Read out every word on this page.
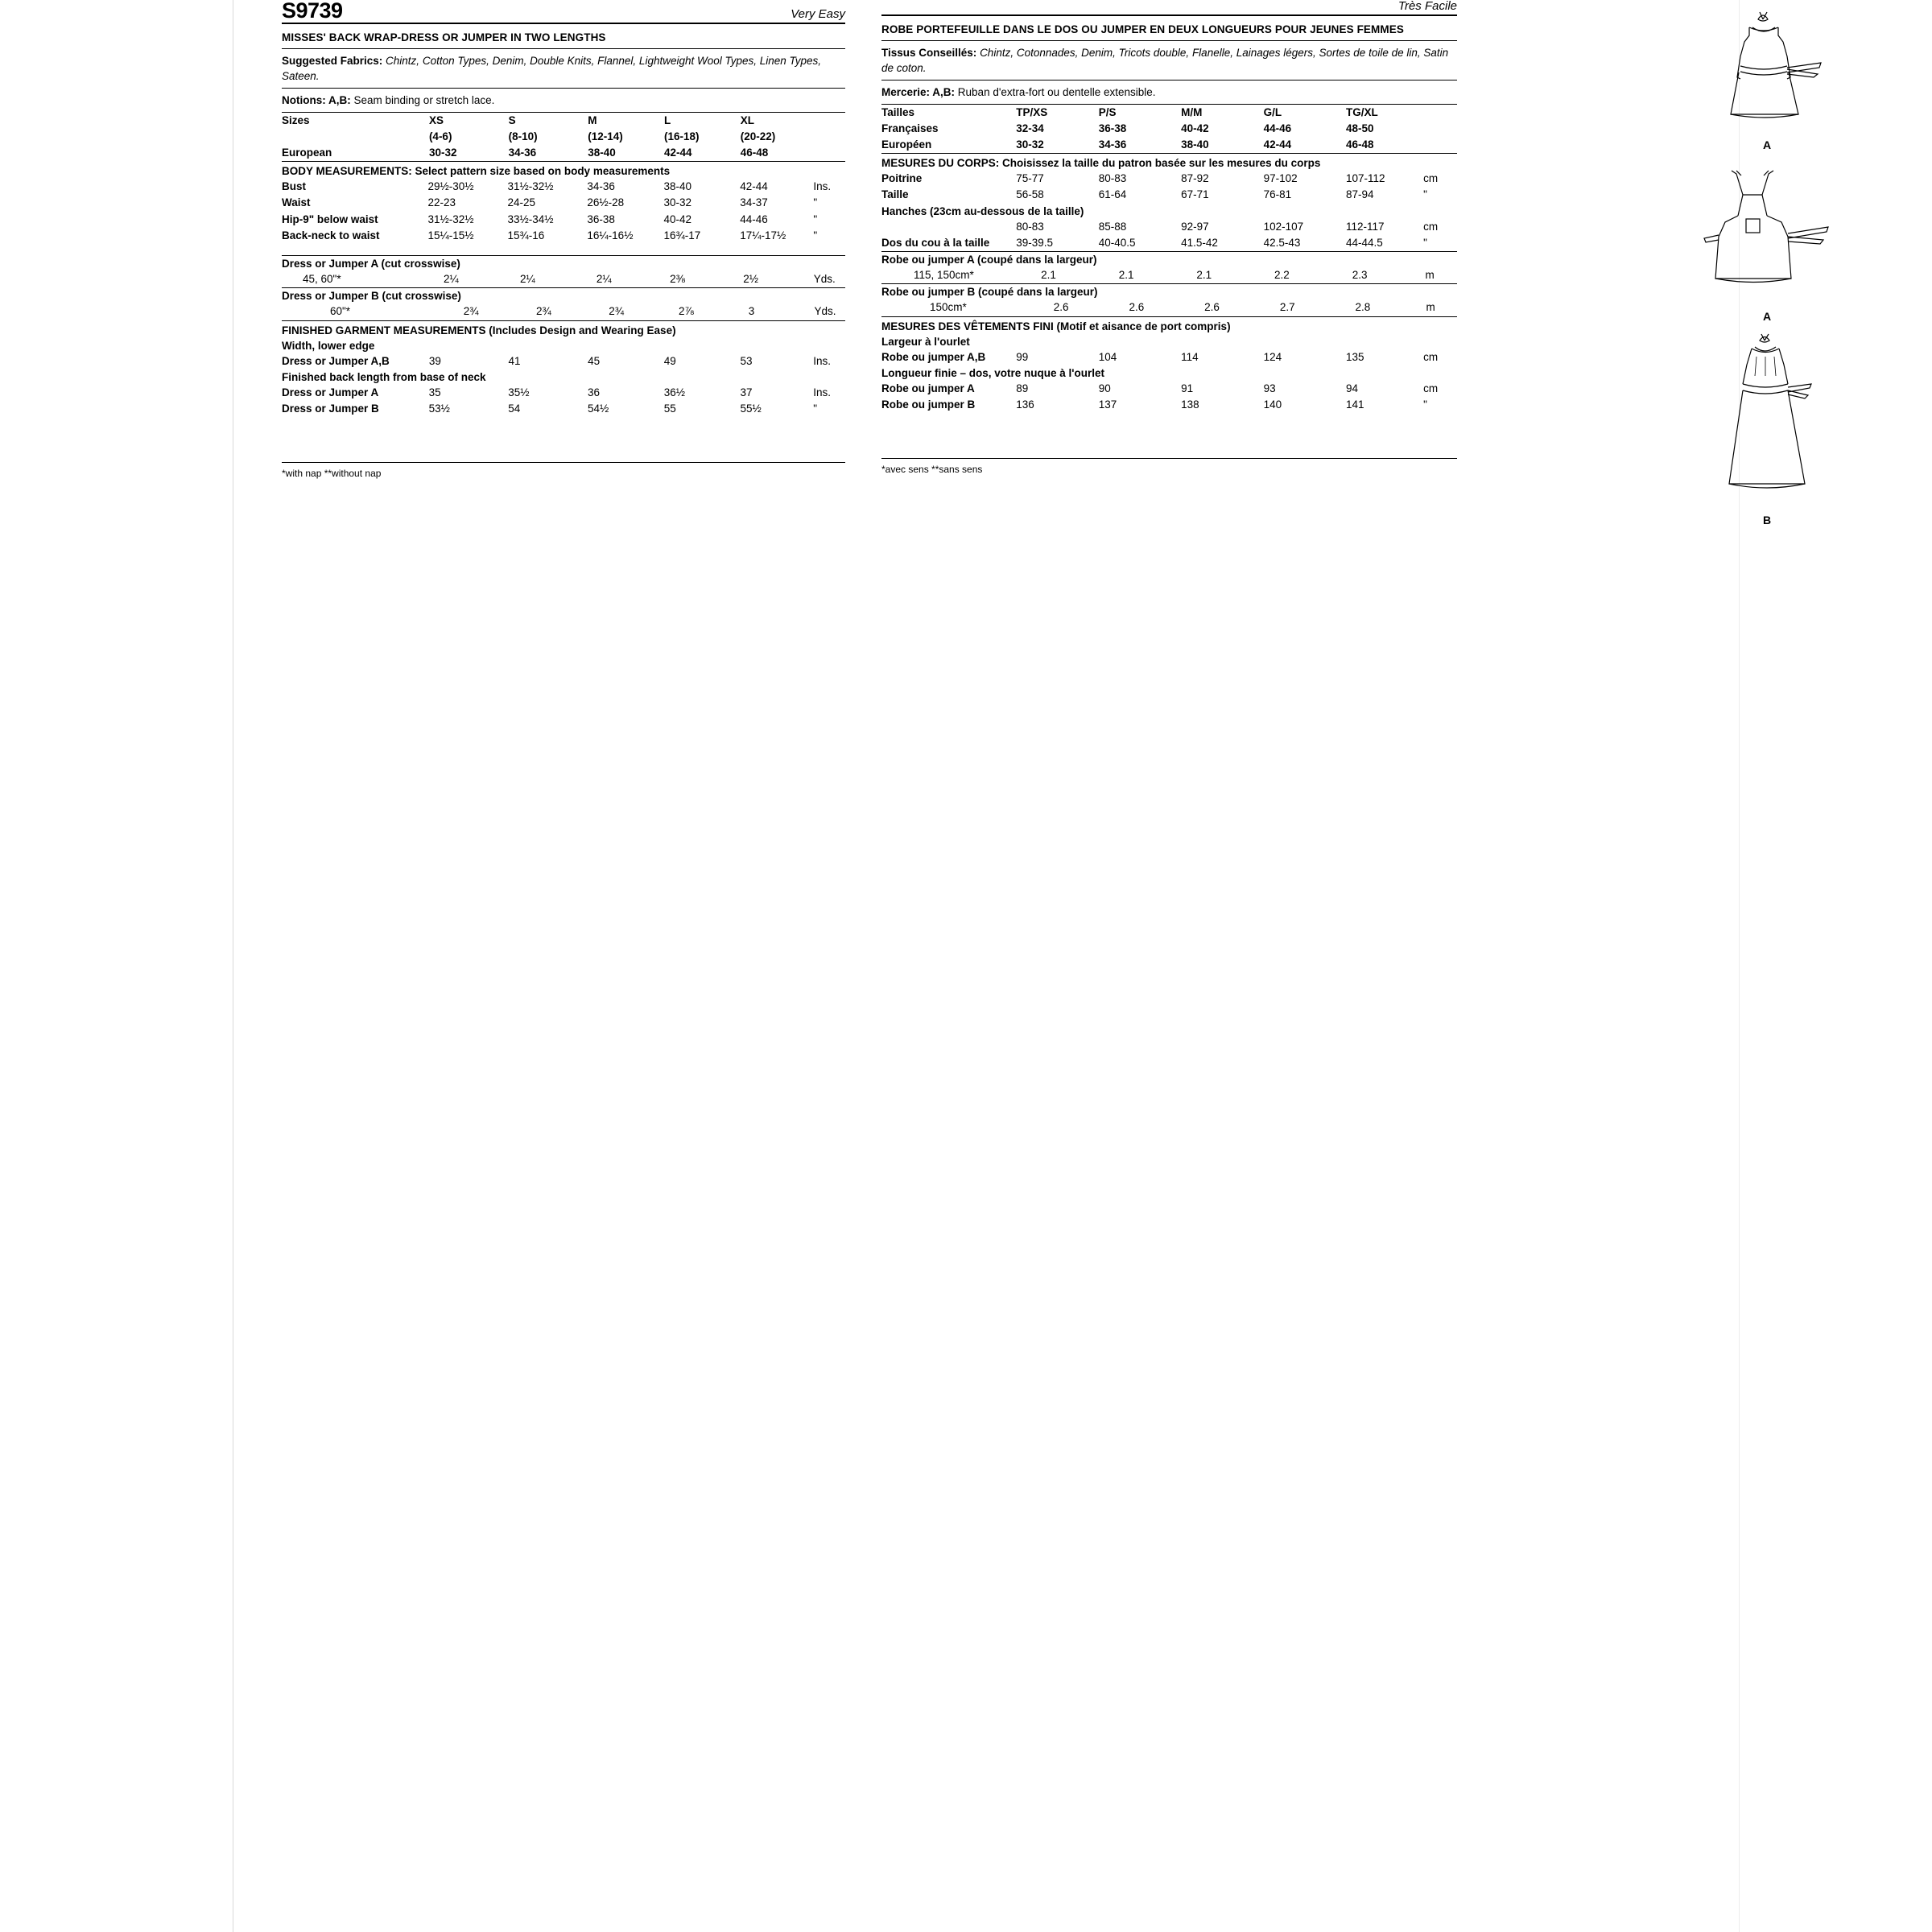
S9739	Very Easy
MISSES' BACK WRAP-DRESS OR JUMPER IN TWO LENGTHS
Suggested Fabrics: Chintz, Cotton Types, Denim, Double Knits, Flannel, Lightweight Wool Types, Linen Types, Sateen.
Notions: A,B: Seam binding or stretch lace.
Sizes	XS	S	M	L	XL	
	(4-6)	(8-10)	(12-14)	(16-18)	(20-22)	
European	30-32	34-36	38-40	42-44	46-48	
BODY MEASUREMENTS: Select pattern size based on body measurements
Bust	29½-30½	31½-32½	34-36	38-40	42-44	Ins.
Waist	22-23	24-25	26½-28	30-32	34-37	"
Hip-9" below waist	31½-32½	33½-34½	36-38	40-42	44-46	"
Back-neck to waist	15¼-15½	15¾-16	16¼-16½	16¾-17	17¼-17½	"
Dress or Jumper A (cut crosswise)
45, 60"*	2¼	2¼	2¼	2⅜	2½	Yds.
Dress or Jumper B (cut crosswise)
60"*	2¾	2¾	2¾	2⅞	3	Yds.
FINISHED GARMENT MEASUREMENTS (Includes Design and Wearing Ease)
Width, lower edge
Dress or Jumper A,B	39	41	45	49	53	Ins.
Finished back length from base of neck
Dress or Jumper A	35	35½	36	36½	37	Ins.
Dress or Jumper B	53½	54	54½	55	55½	"
*with nap **without nap
Très Facile
ROBE PORTEFEUILLE DANS LE DOS OU JUMPER EN DEUX LONGUEURS POUR JEUNES FEMMES
Tissus Conseillés: Chintz, Cotonnades, Denim, Tricots double, Flanelle, Lainages légers, Sortes de toile de lin, Satin de coton.
Mercerie: A,B: Ruban d'extra-fort ou dentelle extensible.
Tailles	TP/XS	P/S	M/M	G/L	TG/XL	
Françaises	32-34	36-38	40-42	44-46	48-50	
Européen	30-32	34-36	38-40	42-44	46-48	
MESURES DU CORPS: Choisissez la taille du patron basée sur les mesures du corps
Poitrine	75-77	80-83	87-92	97-102	107-112	cm
Taille	56-58	61-64	67-71	76-81	87-94	"
Hanches (23cm au-dessous de la taille)
	80-83	85-88	92-97	102-107	112-117	cm
Dos du cou à la taille	39-39.5	40-40.5	41.5-42	42.5-43	44-44.5	"
Robe ou jumper A (coupé dans la largeur)
115, 150cm*	2.1	2.1	2.1	2.2	2.3	m
Robe ou jumper B (coupé dans la largeur)
150cm*	2.6	2.6	2.6	2.7	2.8	m
MESURES DES VÊTEMENTS FINI (Motif et aisance de port compris)
Largeur à l'ourlet
Robe ou jumper A,B	99	104	114	124	135	cm
Longueur finie – dos, votre nuque à l'ourlet
Robe ou jumper A	89	90	91	93	94	cm
Robe ou jumper B	136	137	138	140	141	"
*avec sens **sans sens
A
A
B
